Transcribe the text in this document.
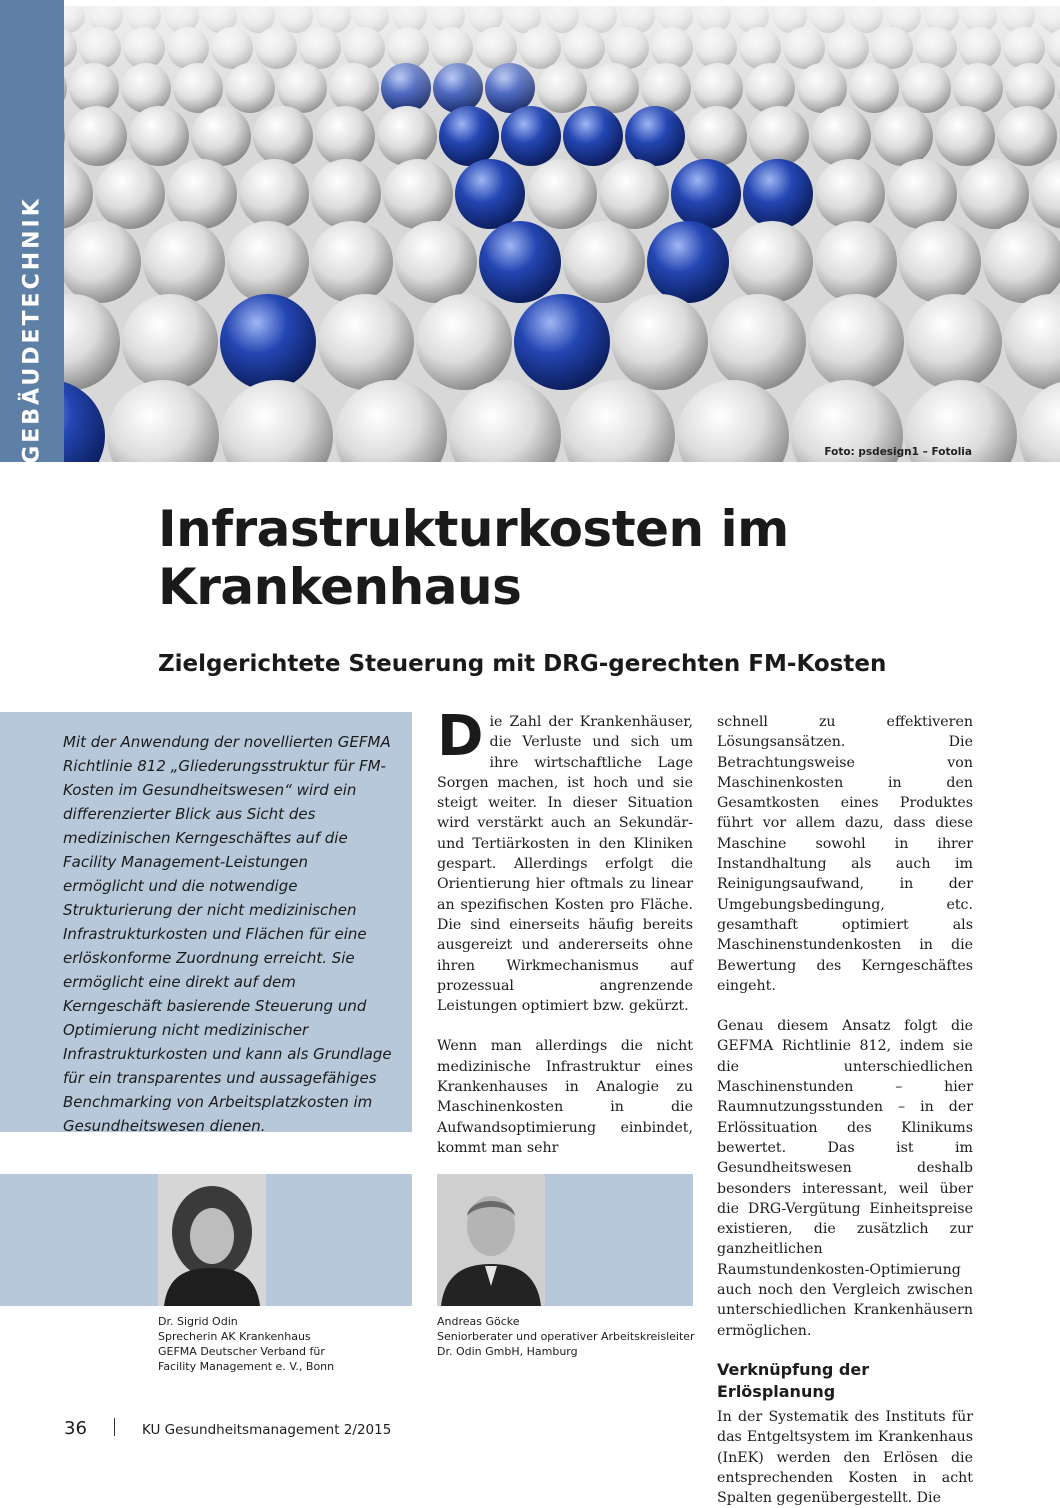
GEBÄUDETECHNIK	Foto: psdesign1 – Fotolia
Infrastrukturkosten im Krankenhaus
Zielgerichtete Steuerung mit DRG-gerechten FM-Kosten

Mit der Anwendung der novellierten GEFMA Richtlinie 812 „Gliederungsstruktur für FM-Kosten im Gesundheitswesen“ wird ein differenzierter Blick aus Sicht des medizinischen Kerngeschäftes auf die Facility Management-Leistungen ermöglicht und die notwendige Strukturierung der nicht medizinischen Infrastrukturkosten und Flächen für eine erlöskonforme Zuordnung erreicht. Sie ermöglicht eine direkt auf dem Kerngeschäft basierende Steuerung und Optimierung nicht medizinischer Infrastrukturkosten und kann als Grundlage für ein transparentes und aussagefähiges Benchmarking von Arbeitsplatzkosten im Gesundheitswesen dienen.

Die Zahl der Krankenhäuser, die Verluste und sich um ihre wirtschaftliche Lage Sorgen machen, ist hoch und sie steigt weiter. In dieser Situation wird verstärkt auch an Sekundär- und Tertiärkosten in den Kliniken gespart. Allerdings erfolgt die Orientierung hier oftmals zu linear an spezifischen Kosten pro Fläche. Die sind einerseits häufig bereits ausgereizt und andererseits ohne ihren Wirkmechanismus auf prozessual angrenzende Leistungen optimiert bzw. gekürzt.

Wenn man allerdings die nicht medizinische Infrastruktur eines Krankenhauses in Analogie zu Maschinenkosten in die Aufwandsoptimierung einbindet, kommt man sehr

schnell zu effektiveren Lösungsansätzen. Die Betrachtungsweise von Maschinenkosten in den Gesamtkosten eines Produktes führt vor allem dazu, dass diese Maschine sowohl in ihrer Instandhaltung als auch im Reinigungsaufwand, in der Umgebungsbedingung, etc. gesamthaft optimiert als Maschinenstundenkosten in die Bewertung des Kerngeschäftes eingeht.

Genau diesem Ansatz folgt die GEFMA Richtlinie 812, indem sie die unterschiedlichen Maschinenstunden – hier Raumnutzungsstunden – in der Erlössituation des Klinikums bewertet. Das ist im Gesundheitswesen deshalb besonders interessant, weil über die DRG-Vergütung Einheitspreise existieren, die zusätzlich zur ganzheitlichen Raumstundenkosten-Optimierung auch noch den Vergleich zwischen unterschiedlichen Krankenhäusern ermöglichen.

Verknüpfung der Erlösplanung

In der Systematik des Instituts für das Entgeltsystem im Krankenhaus (InEK) werden den Erlösen die entsprechenden Kosten in acht Spalten gegenübergestellt. Die

Dr. Sigrid Odin
Sprecherin AK Krankenhaus
GEFMA Deutscher Verband für
Facility Management e. V., Bonn
Andreas Göcke
Seniorberater und operativer Arbeitskreisleiter
Dr. Odin GmbH, Hamburg
36	KU Gesundheitsmanagement 2/2015
